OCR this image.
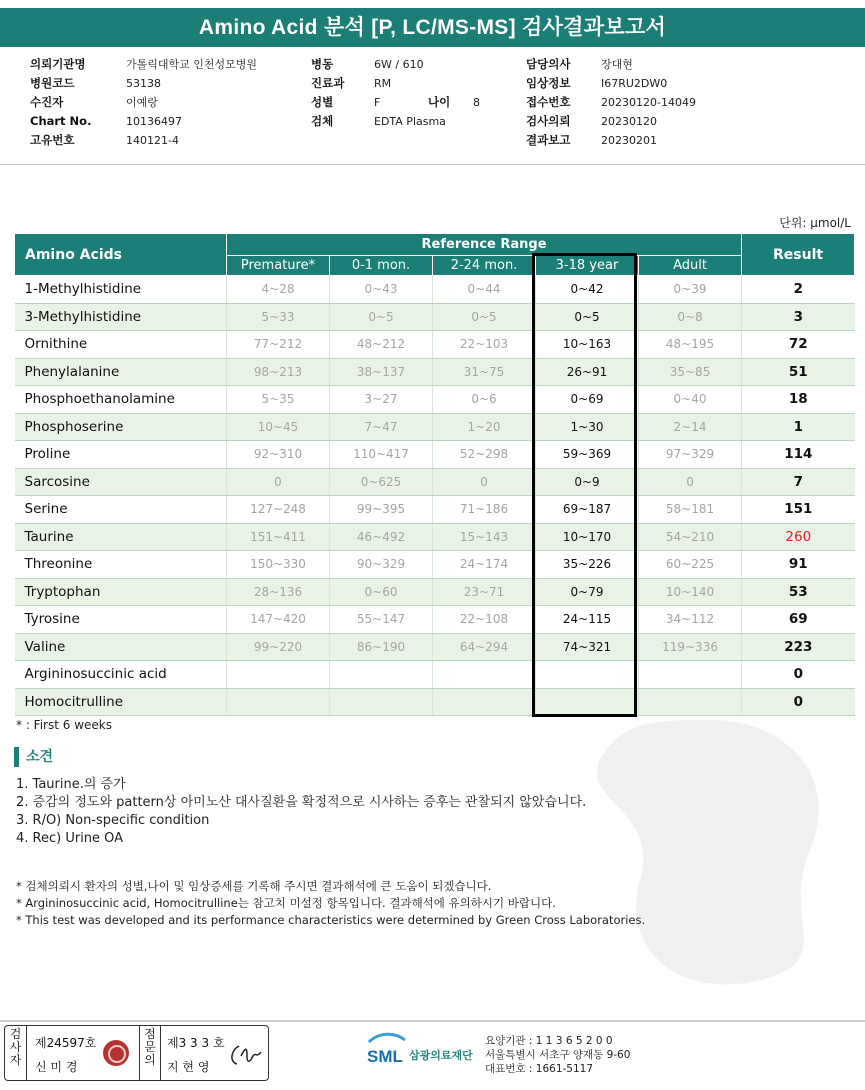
Amino Acid 분석 [P, LC/MS-MS] 검사결과보고서
의뢰기관명	가톨릭대학교 인천성모병원
병원코드	53138
수진자	이예랑
Chart No.	10136497
고유번호	140121-4
병동	6W / 610
진료과	RM
성별	F	나이 8
검체	EDTA Plasma
담당의사	장대현
임상정보	I67RU2DW0
접수번호	20230120-14049
검사의뢰	20230120
결과보고	20230201
단위: μmol/L
Amino Acids	Reference Range					Result
	Premature*	0-1 mon.	2-24 mon.	3-18 year	Adult	
1-Methylhistidine	4~28	0~43	0~44	0~42	0~39	2
3-Methylhistidine	5~33	0~5	0~5	0~5	0~8	3
Ornithine	77~212	48~212	22~103	10~163	48~195	72
Phenylalanine	98~213	38~137	31~75	26~91	35~85	51
Phosphoethanolamine	5~35	3~27	0~6	0~69	0~40	18
Phosphoserine	10~45	7~47	1~20	1~30	2~14	1
Proline	92~310	110~417	52~298	59~369	97~329	114
Sarcosine	0	0~625	0	0~9	0	7
Serine	127~248	99~395	71~186	69~187	58~181	151
Taurine	151~411	46~492	15~143	10~170	54~210	260
Threonine	150~330	90~329	24~174	35~226	60~225	91
Tryptophan	28~136	0~60	23~71	0~79	10~140	53
Tyrosine	147~420	55~147	22~108	24~115	34~112	69
Valine	99~220	86~190	64~294	74~321	119~336	223
Argininosuccinic acid						0
Homocitrulline						0
* : First 6 weeks
소견
1. Taurine.의 증가
2. 증감의 정도와 pattern상 아미노산 대사질환을 확정적으로 시사하는 증후는 관찰되지 않았습니다.
3. R/O) Non-specific condition
4. Rec) Urine OA
* 검체의뢰시 환자의 성별,나이 및 임상증세를 기록해 주시면 결과해석에 큰 도움이 되겠습니다.
* Argininosuccinic acid, Homocitrulline는 참고치 미설정 항목입니다. 결과해석에 유의하시기 바랍니다.
* This test was developed and its performance characteristics were determined by Green Cross Laboratories.
검사자
제24597호
신 미 경
점문의
제3 3 3 호
지 현 영
SML 삼광의료재단
요양기관 : 1 1 3 6 5 2 0 0
서울특별시 서초구 양재동 9-60
대표번호 : 1661-5117
